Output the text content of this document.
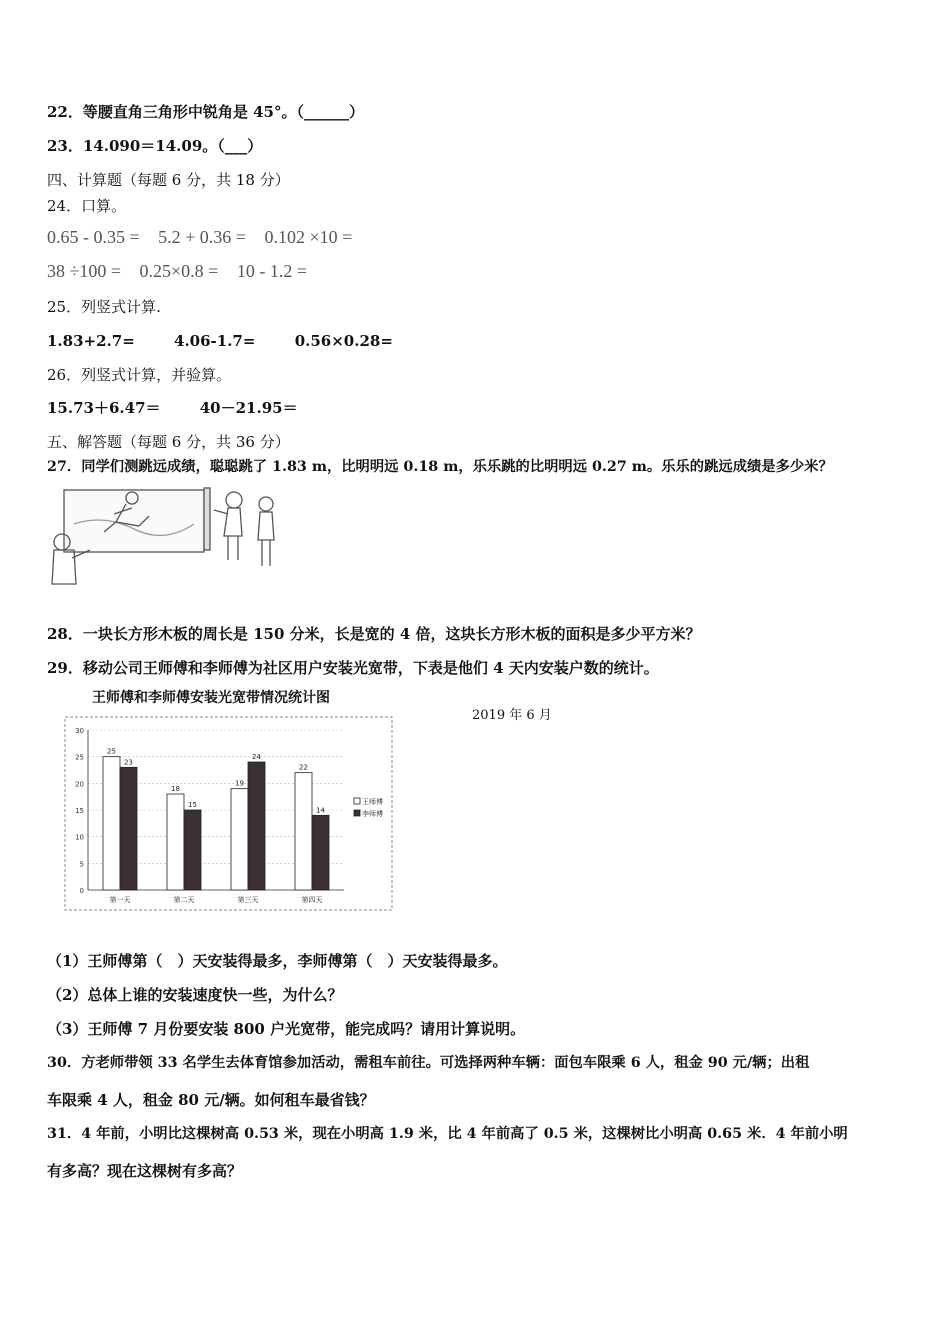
22．等腰直角三角形中锐角是 45°。（______）
23．14.090＝14.09。（___）
四、计算题（每题 6 分，共 18 分）
24．口算。
0.65 - 0.35 = 5.2 + 0.36 = 0.102 ×10 =
38 ÷100 = 0.25×0.8 = 10 - 1.2 =
25．列竖式计算.
1.83+2.7=	4.06-1.7=	0.56×0.28=
26．列竖式计算，并验算。
15.73＋6.47＝	40－21.95＝
五、解答题（每题 6 分，共 36 分）
27．同学们测跳远成绩，聪聪跳了 1.83 m，比明明远 0.18 m，乐乐跳的比明明远 0.27 m。乐乐的跳远成绩是多少米？
28．一块长方形木板的周长是 150 分米，长是宽的 4 倍，这块长方形木板的面积是多少平方米？
29．移动公司王师傅和李师傅为社区用户安装光宽带，下表是他们 4 天内安装户数的统计。
王师傅和李师傅安装光宽带情况统计图
2019 年 6 月
0
5
10
15
20
25
30
25
23
第一天
18
15
第二天
19
24
第三天
22
14
第四天
王师傅
李师傅
（1）王师傅第（　）天安装得最多，李师傅第（　）天安装得最多。
（2）总体上谁的安装速度快一些，为什么？
（3）王师傅 7 月份要安装 800 户光宽带，能完成吗？请用计算说明。
30．方老师带领 33 名学生去体育馆参加活动，需租车前往。可选择两种车辆：面包车限乘 6 人，租金 90 元/辆；出租
车限乘 4 人，租金 80 元/辆。如何租车最省钱？
31．4 年前，小明比这棵树高 0.53 米，现在小明高 1.9 米，比 4 年前高了 0.5 米，这棵树比小明高 0.65 米．4 年前小明
有多高？现在这棵树有多高？
